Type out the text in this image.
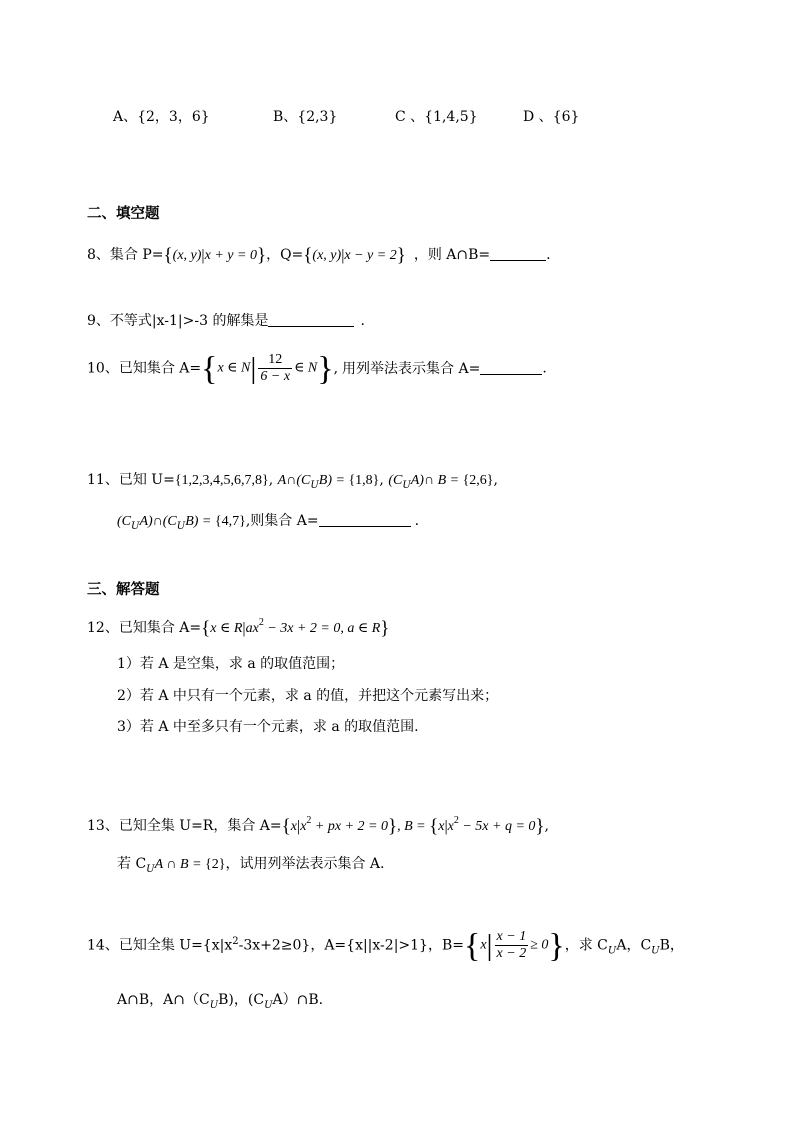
A、{2，3，6}	B、{2,3}	C 、{1,4,5}	D 、{6}
二、填空题
8、集合 P={(x, y)|x + y = 0}，Q={(x, y)|x − y = 2} ，则 A∩B=	.
9、不等式|x-1|>-3 的解集是	.
10、已知集合 A={x ∈ $N| \frac{12}{6 - x}$ ∈ N}, 用列举法表示集合 A=	.
11、已知 U={1,2,3,4,5,6,7,8}, $A\cap(C_UB) = \{1,8\}$, $(C_UA)\cap$ B = {2,6},
$(C_UA)\cap(C_UB) = \{4,7\}$,则集合 A=	.
三、解答题
12、已知集合 A={x ∈ $R|ax^2 - 3x + 2 = 0$, a ∈ R}
1）若 A 是空集，求 a 的取值范围；
2）若 A 中只有一个元素，求 a 的值，并把这个元素写出来；
3）若 A 中至多只有一个元素，求 a 的取值范围.
13、已知全集 U=R，集合 $A=\{x|x^2$ + px + 2 = 0}, $B = \{x|x^2 - 5x + q = 0\}$,
若 $C_UA$ ∩ B = {2}，试用列举法表示集合 A.
14、已知全集 $U=\{x|x^2-3x+2\ge 0\}$，A={x||x-2|>1}，$B=\{x| \frac{x - 1}{x - 2} \ge 0\}$，求 $C_UA$，$C_UB$，
A∩B，$A\cap(C_UB)$，$(C_UA)\cap B$.
